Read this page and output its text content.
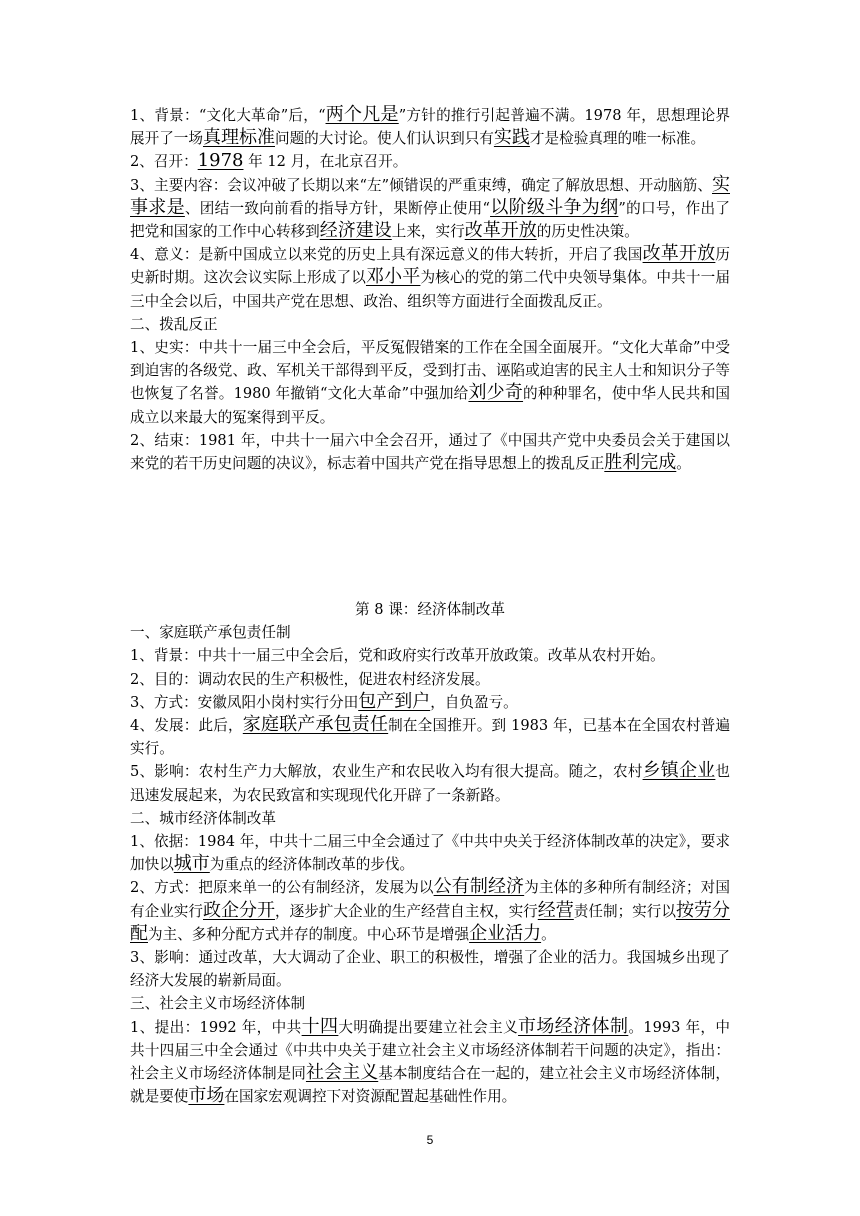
1、背景：“文化大革命”后，“两个凡是”方针的推行引起普遍不满。1978 年，思想理论界展开了一场真理标准问题的大讨论。使人们认识到只有实践才是检验真理的唯一标准。

2、召开：1978 年 12 月，在北京召开。

3、主要内容：会议冲破了长期以来“左”倾错误的严重束缚，确定了解放思想、开动脑筋、实事求是、团结一致向前看的指导方针，果断停止使用“以阶级斗争为纲”的口号，作出了把党和国家的工作中心转移到经济建设上来，实行改革开放的历史性决策。

4、意义：是新中国成立以来党的历史上具有深远意义的伟大转折，开启了我国改革开放历史新时期。这次会议实际上形成了以邓小平为核心的党的第二代中央领导集体。中共十一届三中全会以后，中国共产党在思想、政治、组织等方面进行全面拨乱反正。

二、拨乱反正

1、史实：中共十一届三中全会后，平反冤假错案的工作在全国全面展开。“文化大革命”中受到迫害的各级党、政、军机关干部得到平反，受到打击、诬陷或迫害的民主人士和知识分子等也恢复了名誉。1980 年撤销“文化大革命”中强加给刘少奇的种种罪名，使中华人民共和国成立以来最大的冤案得到平反。

2、结束：1981 年，中共十一届六中全会召开，通过了《中国共产党中央委员会关于建国以来党的若干历史问题的决议》，标志着中国共产党在指导思想上的拨乱反正胜利完成。

第 8 课：经济体制改革

一、家庭联产承包责任制

1、背景：中共十一届三中全会后，党和政府实行改革开放政策。改革从农村开始。

2、目的：调动农民的生产积极性，促进农村经济发展。

3、方式：安徽凤阳小岗村实行分田包产到户，自负盈亏。

4、发展：此后，家庭联产承包责任制在全国推开。到 1983 年，已基本在全国农村普遍实行。

5、影响：农村生产力大解放，农业生产和农民收入均有很大提高。随之，农村乡镇企业也迅速发展起来，为农民致富和实现现代化开辟了一条新路。

二、城市经济体制改革

1、依据：1984 年，中共十二届三中全会通过了《中共中央关于经济体制改革的决定》，要求加快以城市为重点的经济体制改革的步伐。

2、方式：把原来单一的公有制经济，发展为以公有制经济为主体的多种所有制经济；对国有企业实行政企分开，逐步扩大企业的生产经营自主权，实行经营责任制；实行以按劳分配为主、多种分配方式并存的制度。中心环节是增强企业活力。

3、影响：通过改革，大大调动了企业、职工的积极性，增强了企业的活力。我国城乡出现了经济大发展的崭新局面。

三、社会主义市场经济体制

1、提出：1992 年，中共十四大明确提出要建立社会主义市场经济体制。1993 年，中共十四届三中全会通过《中共中央关于建立社会主义市场经济体制若干问题的决定》，指出：社会主义市场经济体制是同社会主义基本制度结合在一起的，建立社会主义市场经济体制，就是要使市场在国家宏观调控下对资源配置起基础性作用。

5
